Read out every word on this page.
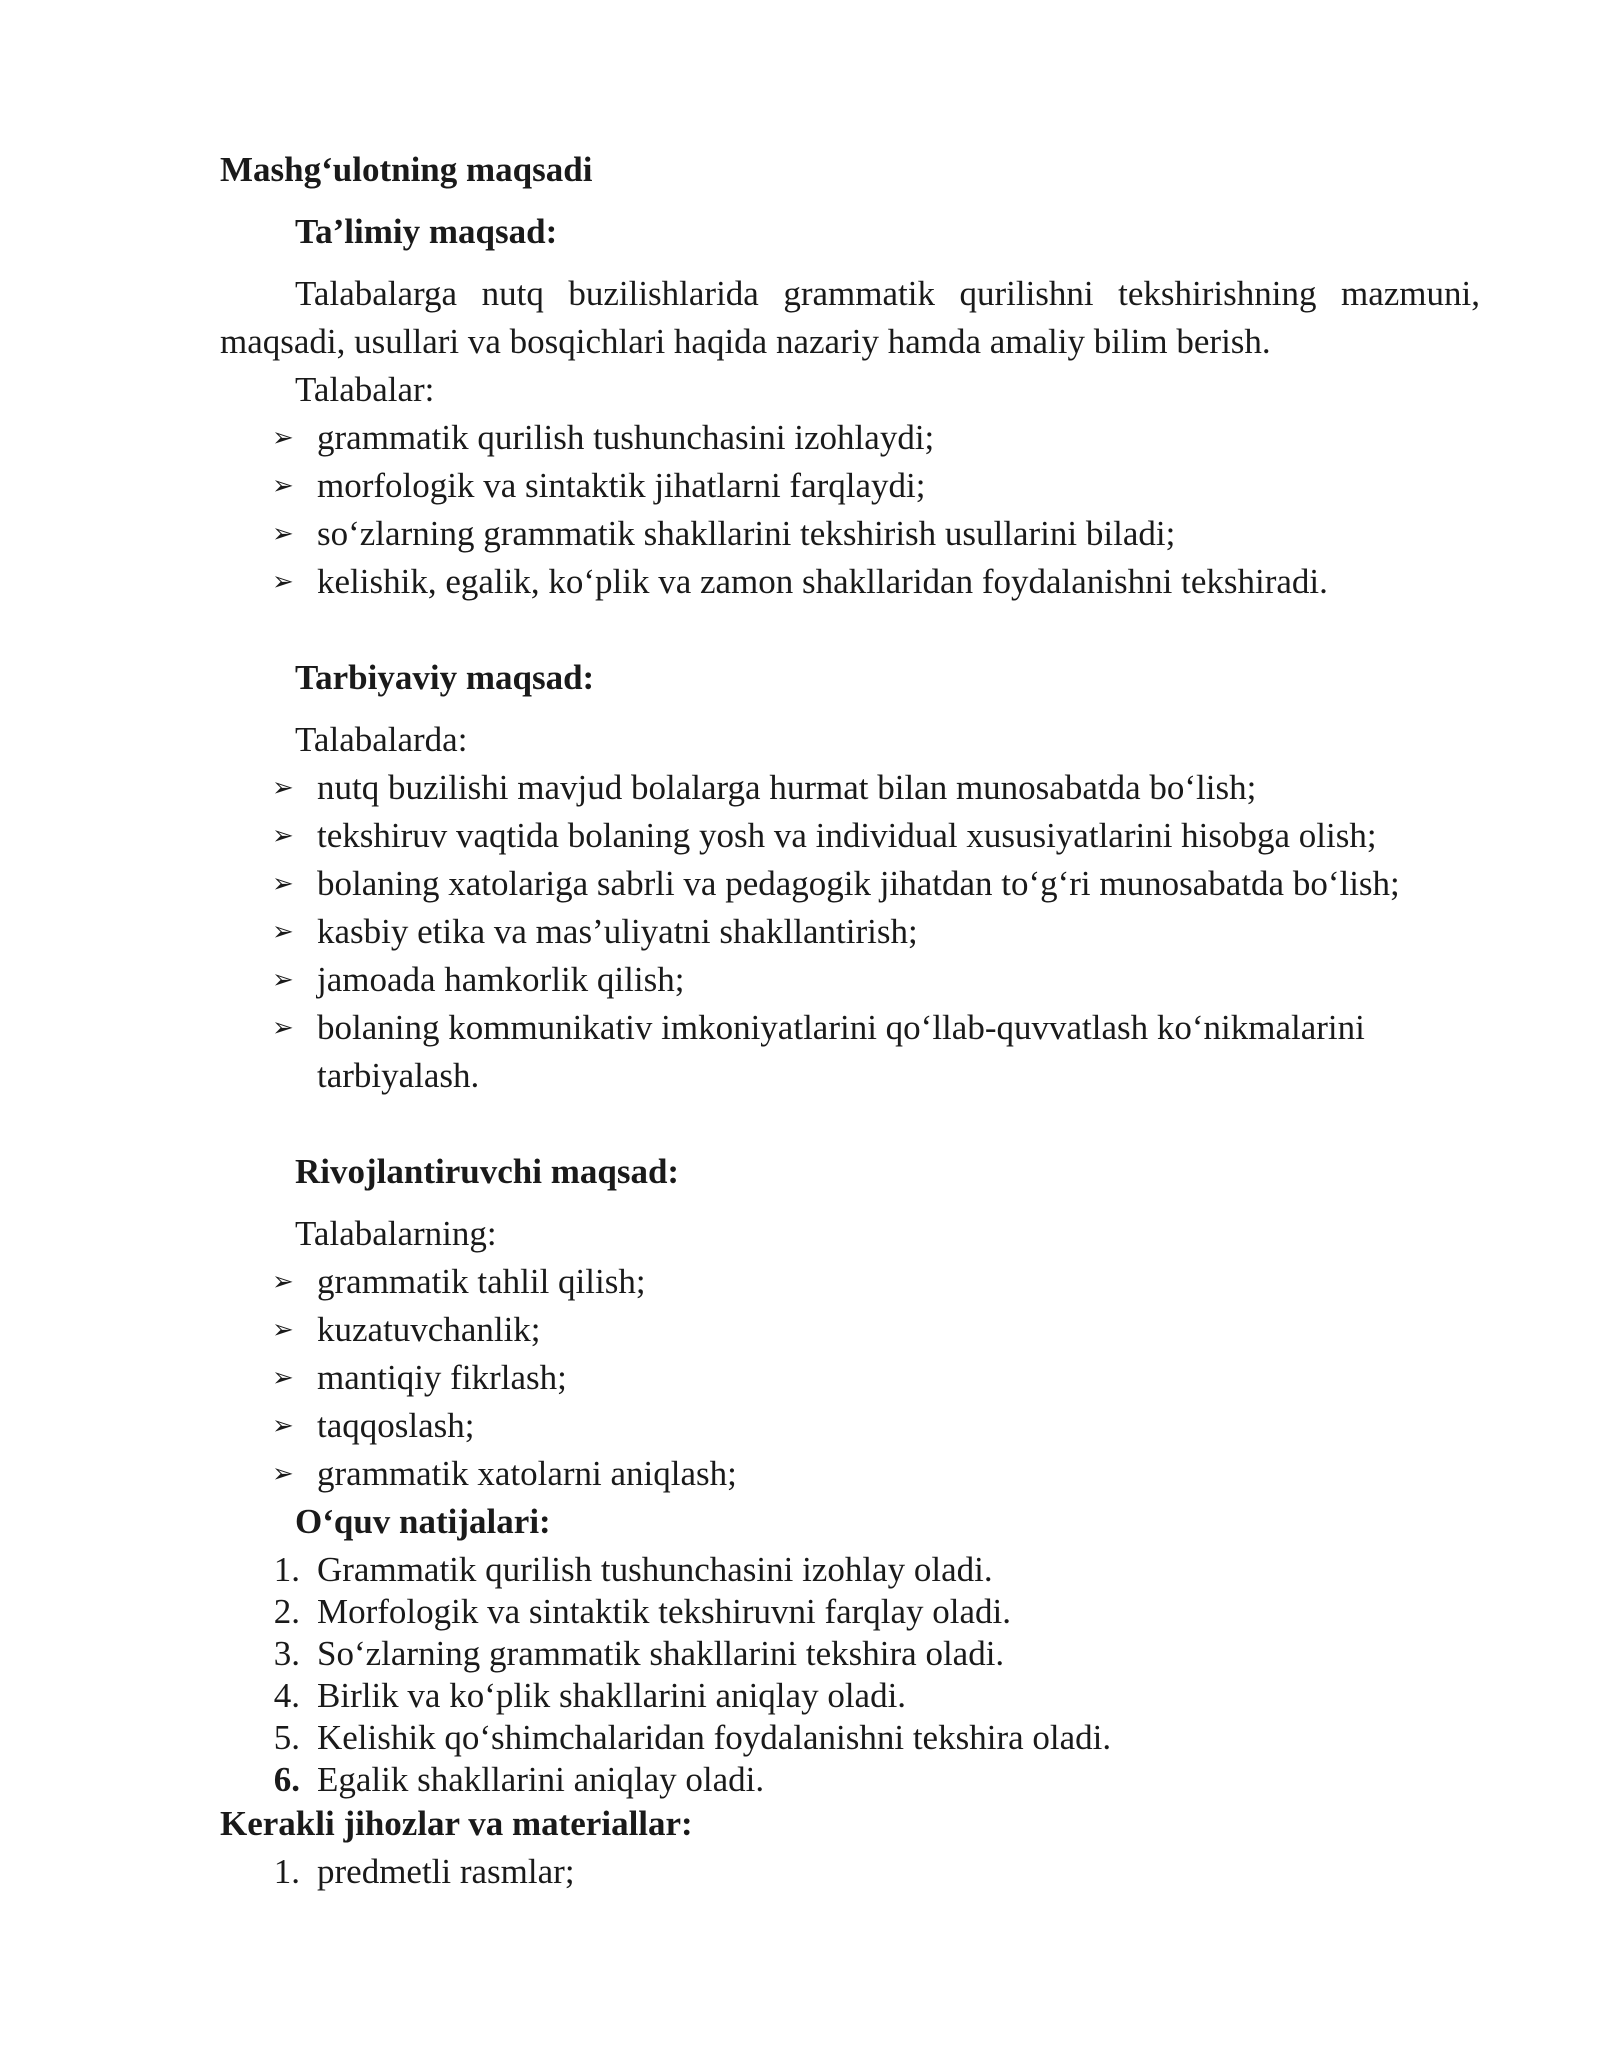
Mashg‘ulotning maqsadi
Ta’limiy maqsad:
Talabalarga nutq buzilishlarida grammatik qurilishni tekshirishning mazmuni,
maqsadi, usullari va bosqichlari haqida nazariy hamda amaliy bilim berish.
Talabalar:
➢ grammatik qurilish tushunchasini izohlaydi;
➢ morfologik va sintaktik jihatlarni farqlaydi;
➢ so‘zlarning grammatik shakllarini tekshirish usullarini biladi;
➢ kelishik, egalik, ko‘plik va zamon shakllaridan foydalanishni tekshiradi.
Tarbiyaviy maqsad:
Talabalarda:
➢ nutq buzilishi mavjud bolalarga hurmat bilan munosabatda bo‘lish;
➢ tekshiruv vaqtida bolaning yosh va individual xususiyatlarini hisobga olish;
➢ bolaning xatolariga sabrli va pedagogik jihatdan to‘g‘ri munosabatda bo‘lish;
➢ kasbiy etika va mas’uliyatni shakllantirish;
➢ jamoada hamkorlik qilish;
➢ bolaning kommunikativ imkoniyatlarini qo‘llab-quvvatlash ko‘nikmalarini
tarbiyalash.
Rivojlantiruvchi maqsad:
Talabalarning:
➢ grammatik tahlil qilish;
➢ kuzatuvchanlik;
➢ mantiqiy fikrlash;
➢ taqqoslash;
➢ grammatik xatolarni aniqlash;
O‘quv natijalari:
1. Grammatik qurilish tushunchasini izohlay oladi.
2. Morfologik va sintaktik tekshiruvni farqlay oladi.
3. So‘zlarning grammatik shakllarini tekshira oladi.
4. Birlik va ko‘plik shakllarini aniqlay oladi.
5. Kelishik qo‘shimchalaridan foydalanishni tekshira oladi.
6. Egalik shakllarini aniqlay oladi.
Kerakli jihozlar va materiallar:
1. predmetli rasmlar;
